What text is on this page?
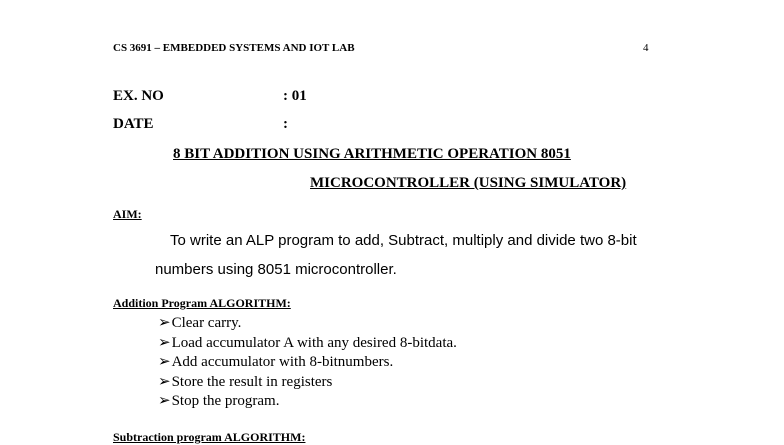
CS 3691 – EMBEDDED SYSTEMS AND IOT LAB	4
EX. NO	: 01
DATE	:
8 BIT ADDITION USING ARITHMETIC OPERATION 8051
MICROCONTROLLER (USING SIMULATOR)
AIM:
To write an ALP program to add, Subtract, multiply and divide two 8-bit
numbers using 8051 microcontroller.
Addition Program ALGORITHM:
➢Clear carry.
➢Load accumulator A with any desired 8-bitdata.
➢Add accumulator with 8-bitnumbers.
➢Store the result in registers
➢Stop the program.
Subtraction program ALGORITHM:
